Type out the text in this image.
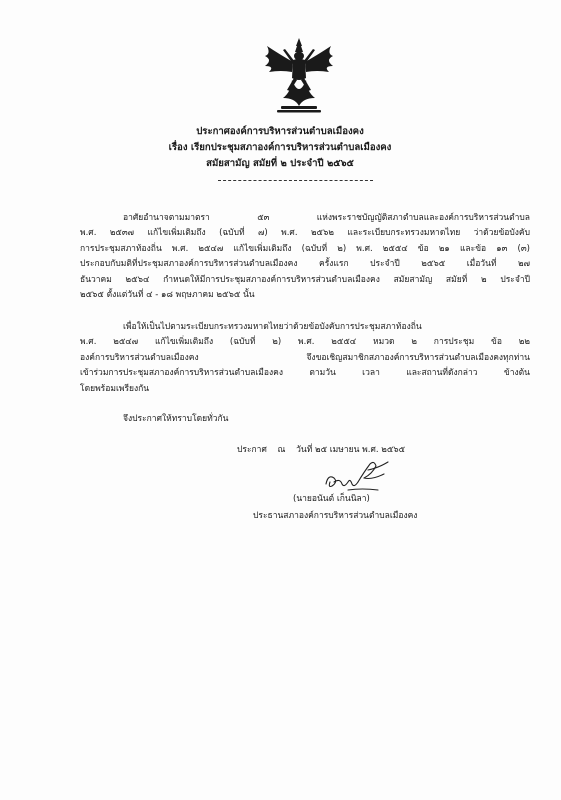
ประกาศองค์การบริหารส่วนตำบลเมืองคง
เรื่อง เรียกประชุมสภาองค์การบริหารส่วนตำบลเมืองคง
สมัยสามัญ สมัยที่ ๒ ประจำปี ๒๕๖๕
อาศัยอำนาจตามมาตรา ๕๓ แห่งพระราชบัญญัติสภาตำบลและองค์การบริหารส่วนตำบล
พ.ศ. ๒๕๓๗ แก้ไขเพิ่มเติมถึง (ฉบับที่ ๗) พ.ศ. ๒๕๖๒ และระเบียบกระทรวงมหาดไทย ว่าด้วยข้อบังคับ
การประชุมสภาท้องถิ่น พ.ศ. ๒๕๔๗ แก้ไขเพิ่มเติมถึง (ฉบับที่ ๒) พ.ศ. ๒๕๕๔ ข้อ ๒๑ และข้อ ๑๓ (๓)
ประกอบกับมติที่ประชุมสภาองค์การบริหารส่วนตำบลเมืองคง ครั้งแรก ประจำปี ๒๕๖๕ เมื่อวันที่ ๒๗
ธันวาคม ๒๕๖๔ กำหนดให้มีการประชุมสภาองค์การบริหารส่วนตำบลเมืองคง สมัยสามัญ สมัยที่ ๒ ประจำปี
๒๕๖๕ ตั้งแต่วันที่ ๔ - ๑๘ พฤษภาคม ๒๕๖๕ นั้น
เพื่อให้เป็นไปตามระเบียบกระทรวงมหาดไทยว่าด้วยข้อบังคับการประชุมสภาท้องถิ่น
พ.ศ. ๒๕๔๗ แก้ไขเพิ่มเติมถึง (ฉบับที่ ๒) พ.ศ. ๒๕๕๔ หมวด ๒ การประชุม ข้อ ๒๒
องค์การบริหารส่วนตำบลเมืองคง จึงขอเชิญสมาชิกสภาองค์การบริหารส่วนตำบลเมืองคงทุกท่าน
เข้าร่วมการประชุมสภาองค์การบริหารส่วนตำบลเมืองคง ตามวัน เวลา และสถานที่ดังกล่าว ข้างต้น
โดยพร้อมเพรียงกัน
จึงประกาศให้ทราบโดยทั่วกัน
ประกาศ ณ วันที่ ๒๕ เมษายน พ.ศ. ๒๕๖๕
(นายอนันต์ เก็นนิลา)
ประธานสภาองค์การบริหารส่วนตำบลเมืองคง
